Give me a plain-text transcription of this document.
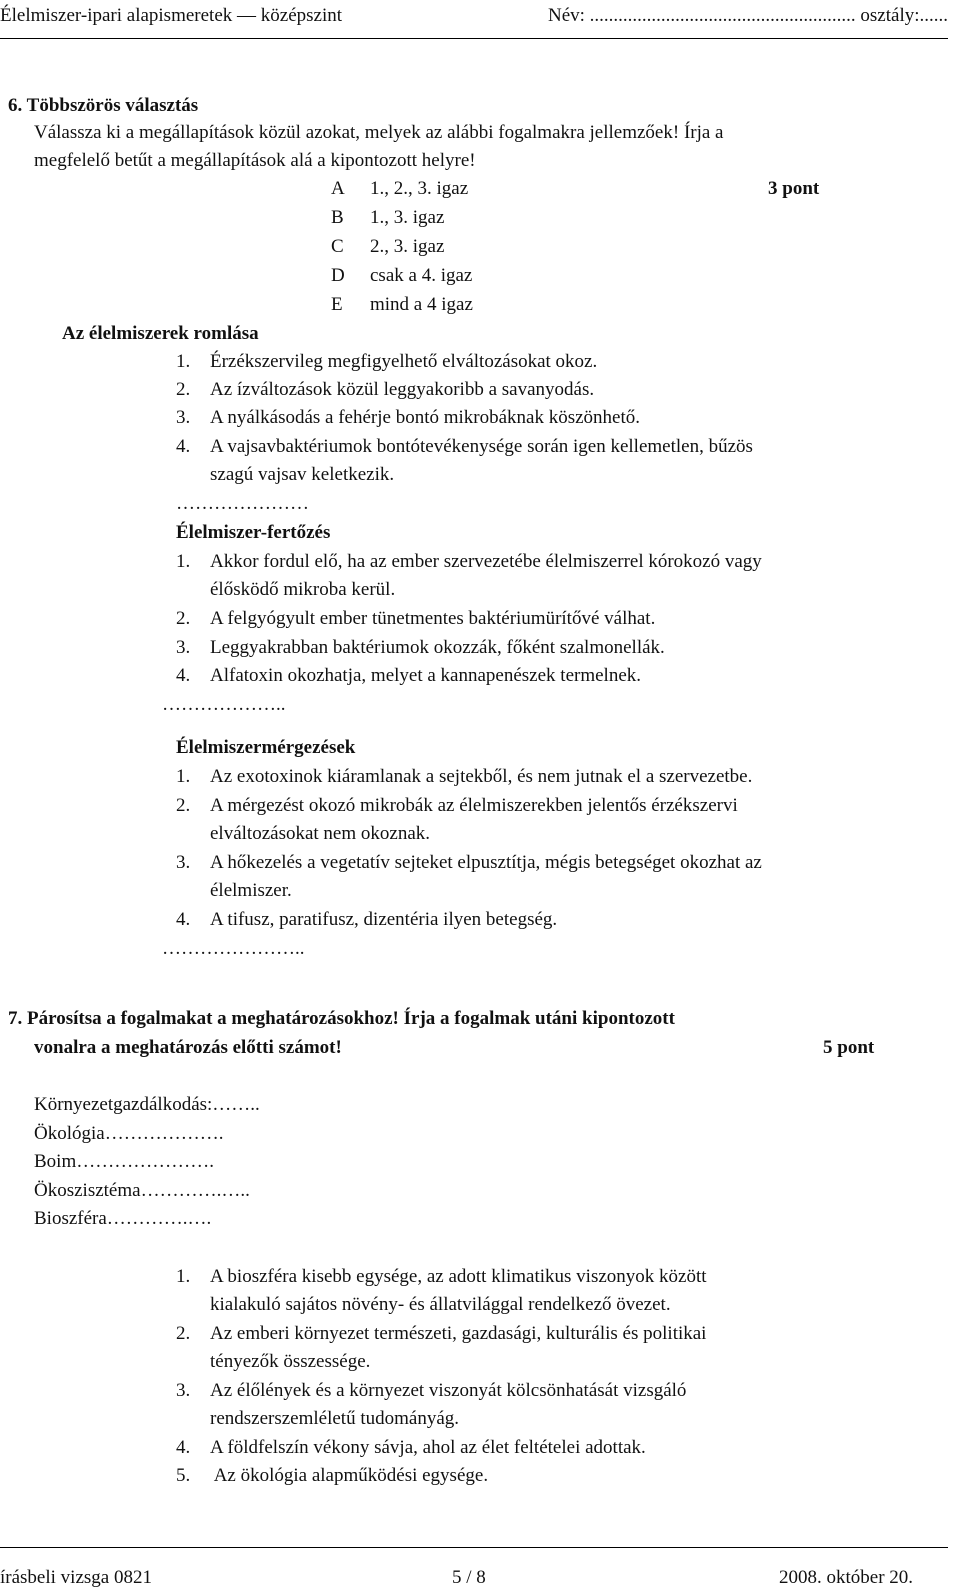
Élelmiszer-ipari alapismeretek — középszint	Név: ........................................................ osztály:......
6. Többszörös választás
Válassza ki a megállapítások közül azokat, melyek az alábbi fogalmakra jellemzőek! Írja a
megfelelő betűt a megállapítások alá a kipontozott helyre!
A 1., 2., 3. igaz	3 pont
B 1., 3. igaz
C 2., 3. igaz
D csak a 4. igaz
E mind a 4 igaz
Az élelmiszerek romlása
1. Érzékszervileg megfigyelhető elváltozásokat okoz.
2. Az ízváltozások közül leggyakoribb a savanyodás.
3. A nyálkásodás a fehérje bontó mikrobáknak köszönhető.
4. A vajsavbaktériumok bontótevékenysége során igen kellemetlen, bűzös
szagú vajsav keletkezik.
…………………
Élelmiszer-fertőzés
1. Akkor fordul elő, ha az ember szervezetébe élelmiszerrel kórokozó vagy
élősködő mikroba kerül.
2. A felgyógyult ember tünetmentes baktériumürítővé válhat.
3. Leggyakrabban baktériumok okozzák, főként szalmonellák.
4. Alfatoxin okozhatja, melyet a kannapenészek termelnek.
………………..
Élelmiszermérgezések
1. Az exotoxinok kiáramlanak a sejtekből, és nem jutnak el a szervezetbe.
2. A mérgezést okozó mikrobák az élelmiszerekben jelentős érzékszervi
elváltozásokat nem okoznak.
3. A hőkezelés a vegetatív sejteket elpusztítja, mégis betegséget okozhat az
élelmiszer.
4. A tifusz, paratifusz, dizentéria ilyen betegség.
…………………..
7. Párosítsa a fogalmakat a meghatározásokhoz! Írja a fogalmak utáni kipontozott
vonalra a meghatározás előtti számot!	5 pont
Környezetgazdálkodás:……..
Ökológia……………….
Boim………………….
Ökoszisztéma………….…..
Bioszféra………….….
1. A bioszféra kisebb egysége, az adott klimatikus viszonyok között
kialakuló sajátos növény- és állatvilággal rendelkező övezet.
2. Az emberi környezet természeti, gazdasági, kulturális és politikai
tényezők összessége.
3. Az élőlények és a környezet viszonyát kölcsönhatását vizsgáló
rendszerszemléletű tudományág.
4. A földfelszín vékony sávja, ahol az élet feltételei adottak.
5. Az ökológia alapműködési egysége.
írásbeli vizsga 0821	5 / 8	2008. október 20.
